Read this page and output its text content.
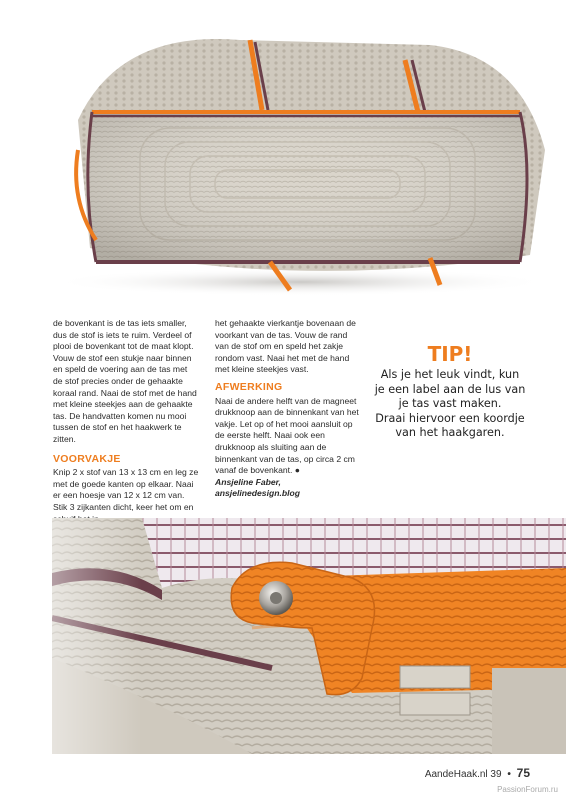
de bovenkant is de tas iets smaller, dus de stof is iets te ruim. Verdeel of plooi de bovenkant tot de maat klopt. Vouw de stof een stukje naar binnen en speld de voering aan de tas met de stof precies onder de gehaakte koraal rand. Naai de stof met de hand met kleine steekjes aan de gehaakte tas. De handvatten komen nu mooi tussen de stof en het haakwerk te zitten.

VOORVAKJE

Knip 2 x stof van 13 x 13 cm en leg ze met de goede kanten op elkaar. Naai er een hoesje van 12 x 12 cm van. Stik 3 zijkanten dicht, keer het om en

het gehaakte vierkantje bovenaan de voorkant van de tas. Vouw de rand van de stof om en speld het zakje rondom vast. Naai het met de hand met kleine steekjes vast.

AFWERKING

Naai de andere helft van de magneet drukknoop aan de binnenkant van het vakje. Let op of het mooi aansluit op de eerste helft. Naai ook een drukknoop als sluiting aan de binnenkant van de tas, op circa 2 cm vanaf de bovenkant. ●

Ansjeline Faber,

ansjelinedesign.blog

TIP!
Als je het leuk vindt, kun
je een label aan de lus van
je tas vast maken.
Draai hiervoor een koordje
van het haakgaren.
AandeHaak.nl 39 • 75
PassionForum.ru
